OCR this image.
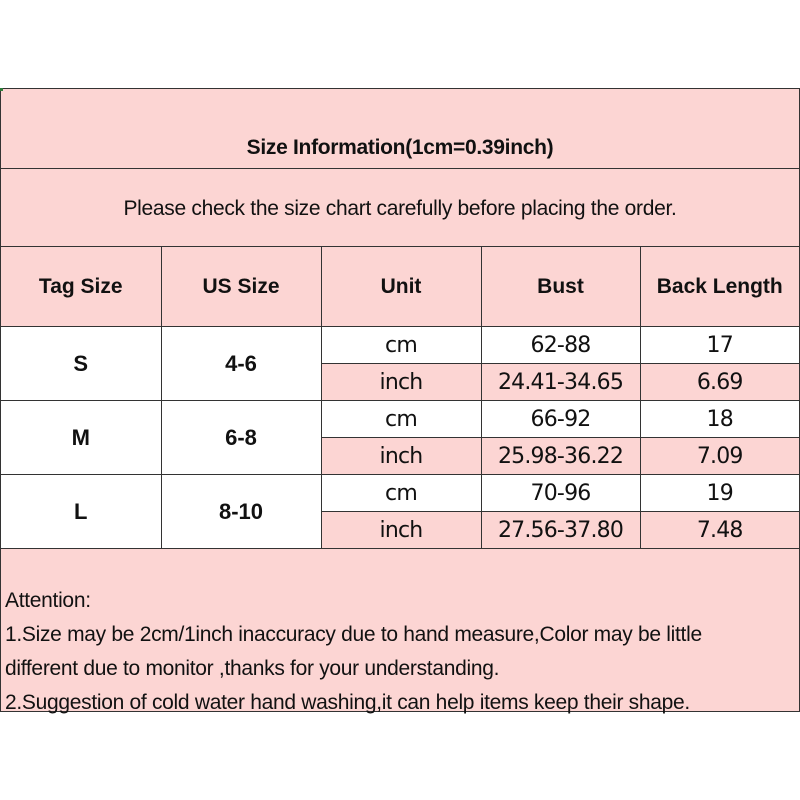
Size Information(1cm=0.39inch)
Please check the size chart carefully before placing the order.
Tag Size	US Size	Unit	Bust	Back Length
S	4-6	cm	62-88	17
		inch	24.41-34.65	6.69
M	6-8	cm	66-92	18
		inch	25.98-36.22	7.09
L	8-10	cm	70-96	19
		inch	27.56-37.80	7.48
Attention:
1.Size may be 2cm/1inch inaccuracy due to hand measure,Color may be little
different due to monitor ,thanks for your understanding.
2.Suggestion of cold water hand washing,it can help items keep their shape.
